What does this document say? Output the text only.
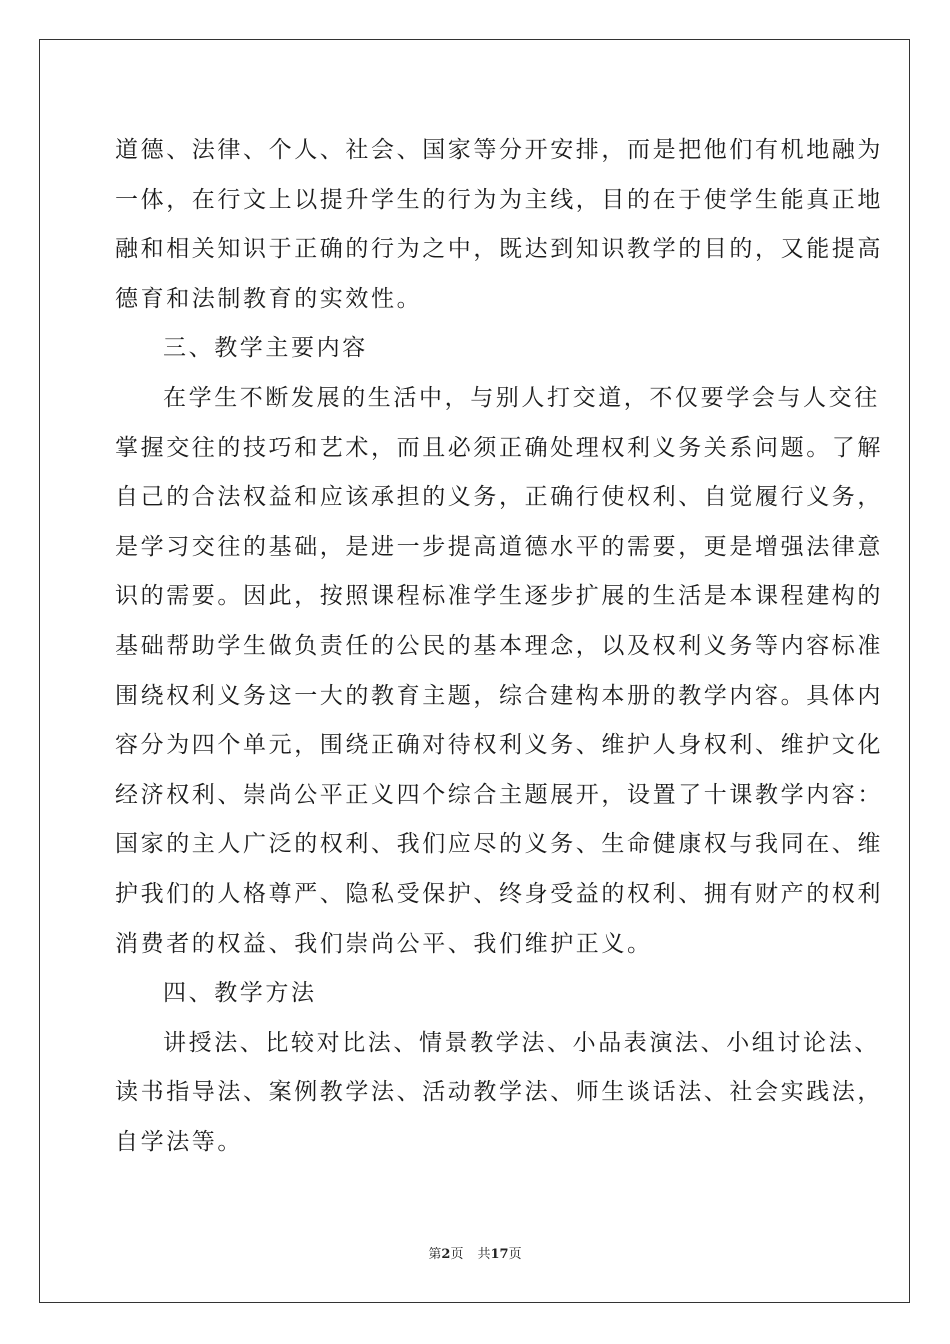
道德、法律、个人、社会、国家等分开安排，而是把他们有机地融为
一体，在行文上以提升学生的行为为主线，目的在于使学生能真正地
融和相关知识于正确的行为之中，既达到知识教学的目的，又能提高
德育和法制教育的实效性。
三、教学主要内容
在学生不断发展的生活中，与别人打交道，不仅要学会与人交往
掌握交往的技巧和艺术，而且必须正确处理权利义务关系问题。了解
自己的合法权益和应该承担的义务，正确行使权利、自觉履行义务，
是学习交往的基础，是进一步提高道德水平的需要，更是增强法律意
识的需要。因此，按照课程标准学生逐步扩展的生活是本课程建构的
基础帮助学生做负责任的公民的基本理念，以及权利义务等内容标准
围绕权利义务这一大的教育主题，综合建构本册的教学内容。具体内
容分为四个单元，围绕正确对待权利义务、维护人身权利、维护文化
经济权利、崇尚公平正义四个综合主题展开，设置了十课教学内容：
国家的主人广泛的权利、我们应尽的义务、生命健康权与我同在、维
护我们的人格尊严、隐私受保护、终身受益的权利、拥有财产的权利
消费者的权益、我们崇尚公平、我们维护正义。
四、教学方法
讲授法、比较对比法、情景教学法、小品表演法、小组讨论法、
读书指导法、案例教学法、活动教学法、师生谈话法、社会实践法，
自学法等。
第2页 共17页
